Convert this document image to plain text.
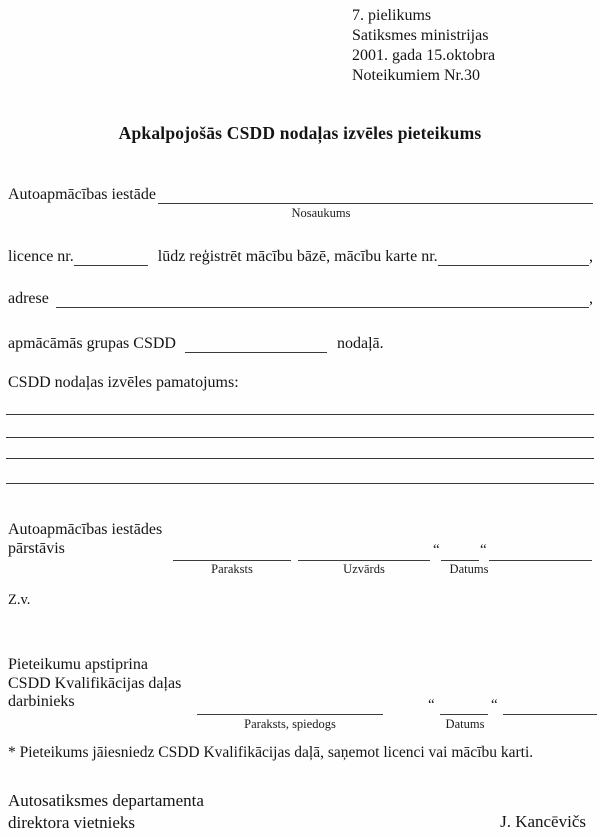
7. pielikums
Satiksmes ministrijas
2001. gada 15.oktobra
Noteikumiem Nr.30
Apkalpojošās CSDD nodaļas izvēles pieteikums
Autoapmācības iestāde
Nosaukums
licence nr.	lūdz reģistrēt mācību bāzē, mācību karte nr.	,
adrese	,
apmācāmās grupas CSDD	nodaļā.
CSDD nodaļas izvēles pamatojums:
Autoapmācības iestādes
pārstāvis
Paraksts	Uzvārds
“	“
Datums
Z.v.
Pieteikumu apstiprina
CSDD Kvalifikācijas daļas
darbinieks
Paraksts, spiedogs
“	“
Datums
* Pieteikums jāiesniedz CSDD Kvalifikācijas daļā, saņemot licenci vai mācību karti.
Autosatiksmes departamenta
direktora vietnieks	J. Kancēvičs
